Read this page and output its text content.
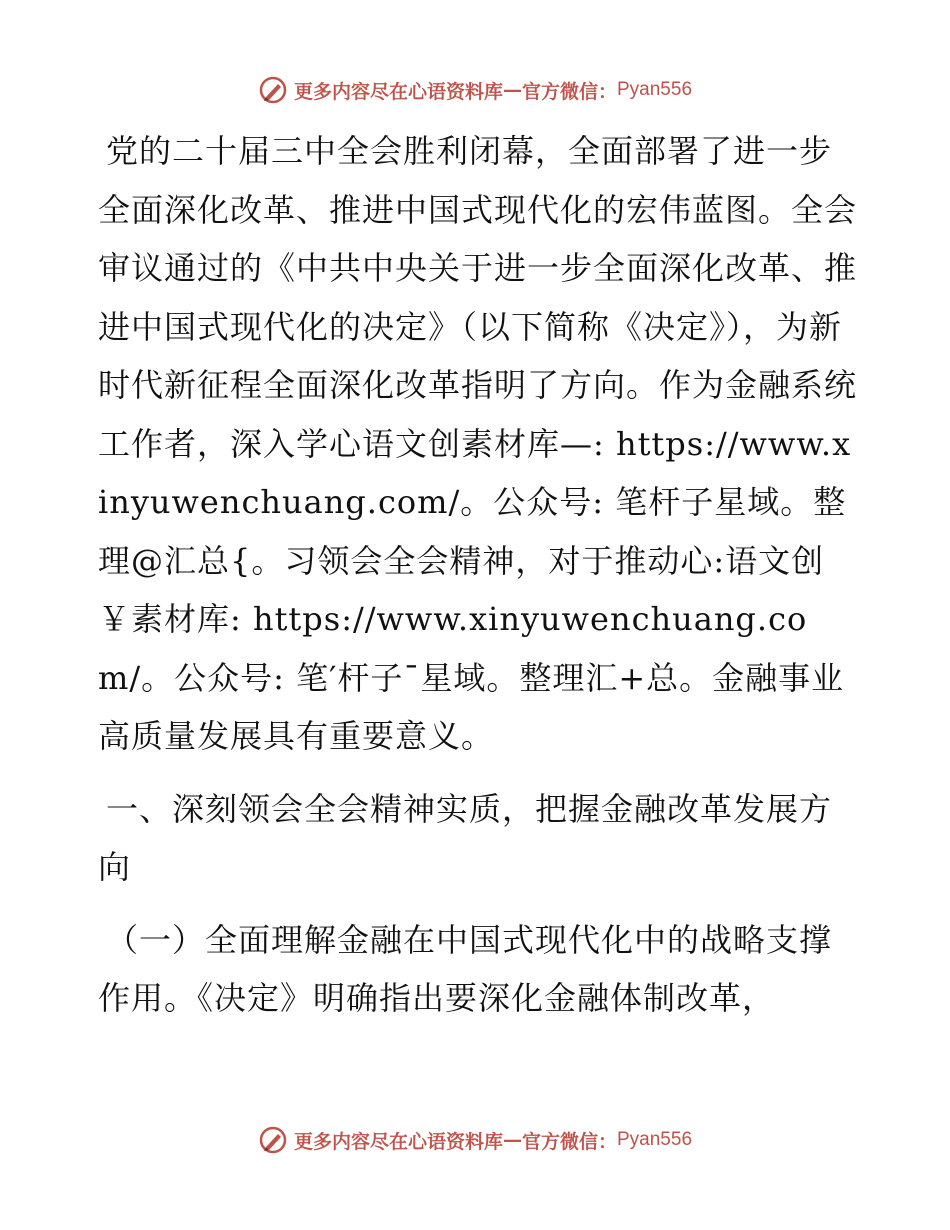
更多内容尽在心语资料库 — 官方微信： Pyan556

党的二十届三中全会胜利闭幕，全面部署了进一步全面深化改革、推进中国式现代化的宏伟蓝图。全会审议通过的《中共中央关于进一步全面深化改革、推进中国式现代化的决定》（以下简称《决定》），为新时代新征程全面深化改革指明了方向。作为金融系统工作者，深入学心语文创素材库—: https://www.xinyuwenchuang.com/。公众号: 笔杆子星域。整理@汇总{。习领会全会精神，对于推动心:语文创￥素材库: https://www.xinyuwenchuang.com/。公众号: 笔′杆子¯星域。整理汇+总。金融事业高质量发展具有重要意义。

一、深刻领会全会精神实质，把握金融改革发展方向

（一）全面理解金融在中国式现代化中的战略支撑作用。《决定》明确指出要深化金融体制改革，

更多内容尽在心语资料库 — 官方微信： Pyan556
